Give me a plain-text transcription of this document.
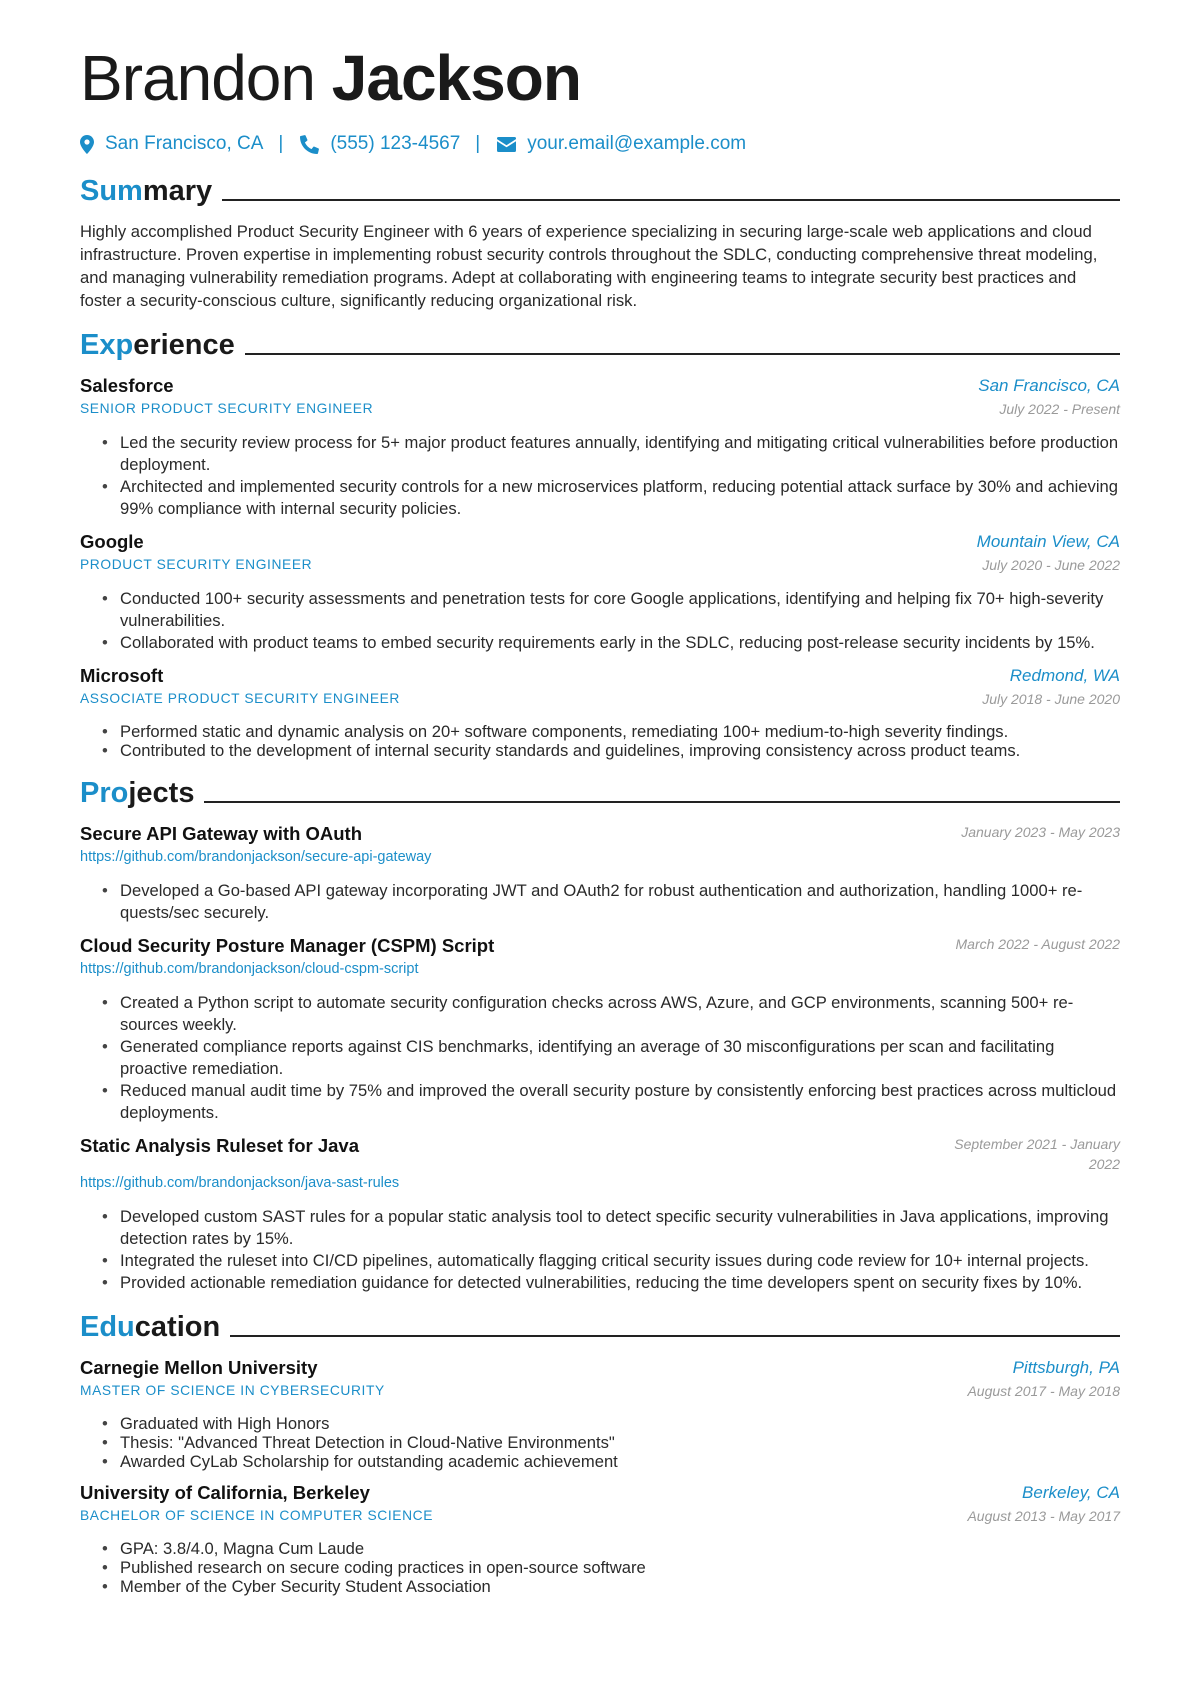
Brandon Jackson
San Francisco, CA | (555) 123-4567 | your.email@example.com
Summary

Highly accomplished Product Security Engineer with 6 years of experience specializing in securing large-scale web applications and cloud infrastructure. Proven expertise in implementing robust security controls throughout the SDLC, conducting comprehensive threat modeling, and managing vulnerability remediation programs. Adept at collaborating with engineering teams to integrate security best practices and foster a security-conscious culture, significantly reducing organizational risk.

Experience
Salesforce	San Francisco, CA
SENIOR PRODUCT SECURITY ENGINEER	July 2022 - Present
• Led the security review process for 5+ major product features annually, identifying and mitigating critical vulnerabilities before production deployment.
• Architected and implemented security controls for a new microservices platform, reducing potential attack surface by 30% and achieving 99% compliance with internal security policies.
Google	Mountain View, CA
PRODUCT SECURITY ENGINEER	July 2020 - June 2022
• Conducted 100+ security assessments and penetration tests for core Google applications, identifying and helping fix 70+ high-severity vulnerabilities.
• Collaborated with product teams to embed security requirements early in the SDLC, reducing post-release security incidents by 15%.
Microsoft	Redmond, WA
ASSOCIATE PRODUCT SECURITY ENGINEER	July 2018 - June 2020
• Performed static and dynamic analysis on 20+ software components, remediating 100+ medium-to-high severity findings.
• Contributed to the development of internal security standards and guidelines, improving consistency across product teams.
Projects
Secure API Gateway with OAuth	January 2023 - May 2023
https://github.com/brandonjackson/secure-api-gateway
• Developed a Go-based API gateway incorporating JWT and OAuth2 for robust authentication and authorization, handling 1000+ requests/sec securely.
Cloud Security Posture Manager (CSPM) Script	March 2022 - August 2022
https://github.com/brandonjackson/cloud-cspm-script
• Created a Python script to automate security configuration checks across AWS, Azure, and GCP environments, scanning 500+ resources weekly.
• Generated compliance reports against CIS benchmarks, identifying an average of 30 misconfigurations per scan and facilitating proactive remediation.
• Reduced manual audit time by 75% and improved the overall security posture by consistently enforcing best practices across multicloud deployments.
Static Analysis Ruleset for Java	September 2021 - January 2022
https://github.com/brandonjackson/java-sast-rules
• Developed custom SAST rules for a popular static analysis tool to detect specific security vulnerabilities in Java applications, improving detection rates by 15%.
• Integrated the ruleset into CI/CD pipelines, automatically flagging critical security issues during code review for 10+ internal projects.
• Provided actionable remediation guidance for detected vulnerabilities, reducing the time developers spent on security fixes by 10%.
Education
Carnegie Mellon University	Pittsburgh, PA
MASTER OF SCIENCE IN CYBERSECURITY	August 2017 - May 2018
• Graduated with High Honors
• Thesis: "Advanced Threat Detection in Cloud-Native Environments"
• Awarded CyLab Scholarship for outstanding academic achievement
University of California, Berkeley	Berkeley, CA
BACHELOR OF SCIENCE IN COMPUTER SCIENCE	August 2013 - May 2017
• GPA: 3.8/4.0, Magna Cum Laude
• Published research on secure coding practices in open-source software
• Member of the Cyber Security Student Association
